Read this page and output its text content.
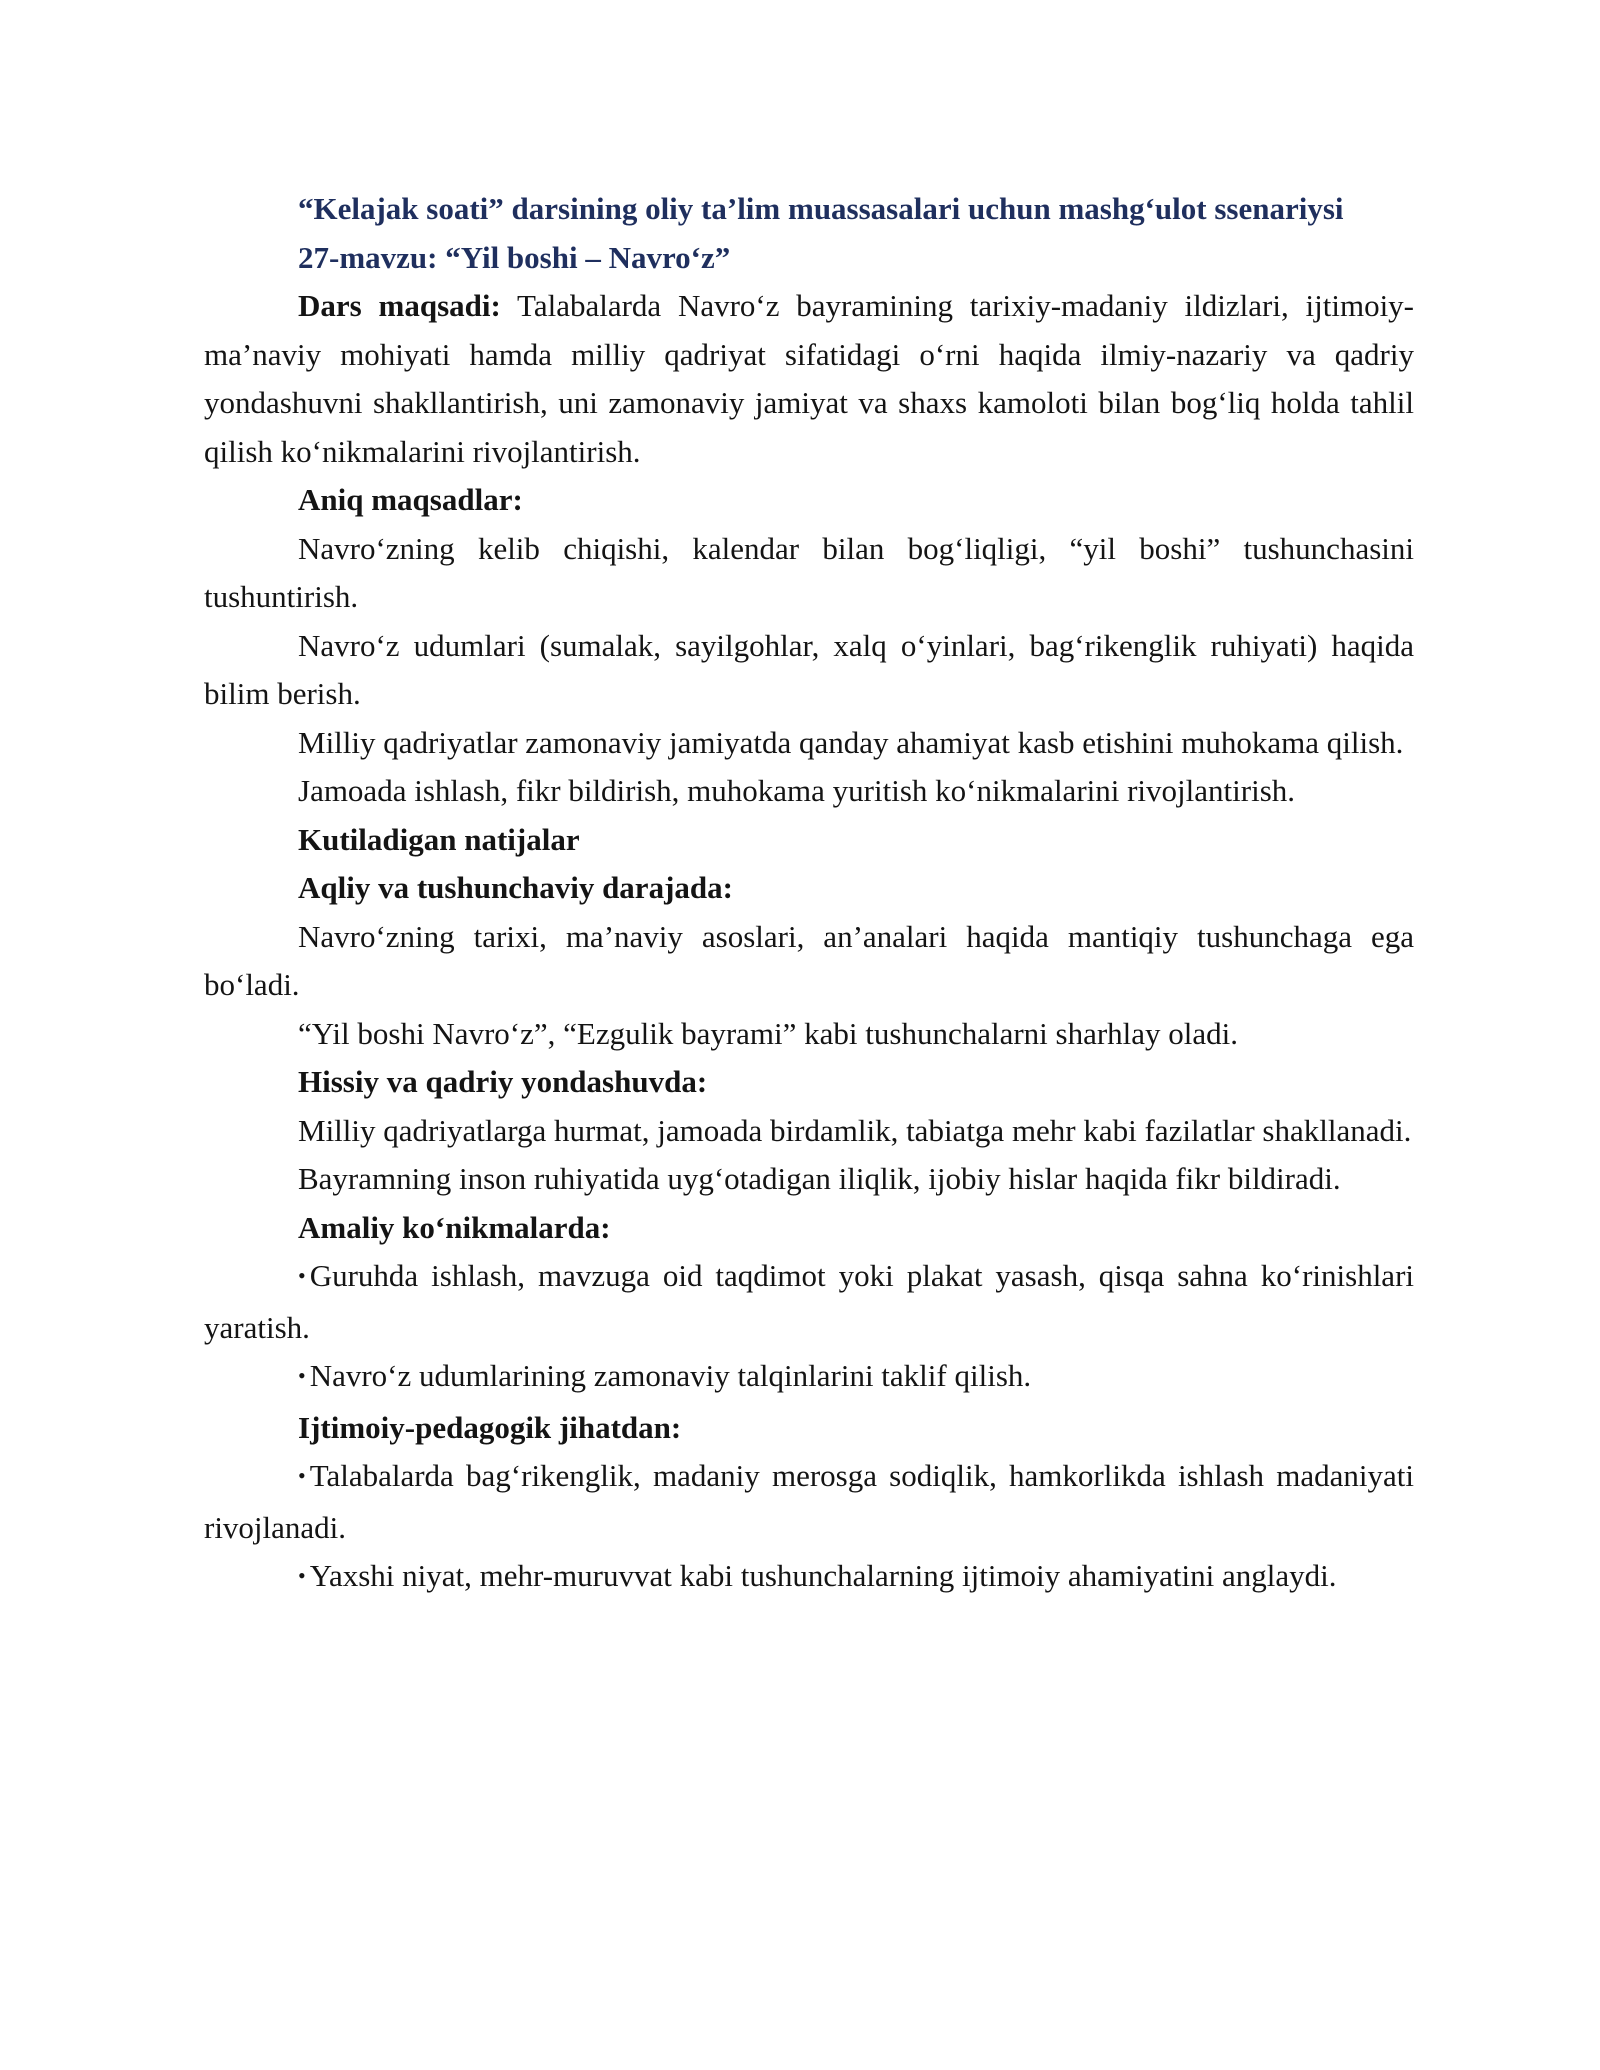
“Kelajak soati” darsining oliy ta’lim muassasalari uchun mashg‘ulot ssenariysi

27-mavzu: “Yil boshi – Navro‘z”

Dars maqsadi: Talabalarda Navro‘z bayramining tarixiy-madaniy ildizlari, ijtimoiy-ma’naviy mohiyati hamda milliy qadriyat sifatidagi o‘rni haqida ilmiy-nazariy va qadriy yondashuvni shakllantirish, uni zamonaviy jamiyat va shaxs kamoloti bilan bog‘liq holda tahlil qilish ko‘nikmalarini rivojlantirish.

Aniq maqsadlar:

Navro‘zning kelib chiqishi, kalendar bilan bog‘liqligi, “yil boshi” tushunchasini tushuntirish.

Navro‘z udumlari (sumalak, sayilgohlar, xalq o‘yinlari, bag‘rikenglik ruhiyati) haqida bilim berish.

Milliy qadriyatlar zamonaviy jamiyatda qanday ahamiyat kasb etishini muhokama qilish.

Jamoada ishlash, fikr bildirish, muhokama yuritish ko‘nikmalarini rivojlantirish.

Kutiladigan natijalar

Aqliy va tushunchaviy darajada:

Navro‘zning tarixi, ma’naviy asoslari, an’analari haqida mantiqiy tushunchaga ega bo‘ladi.

“Yil boshi Navro‘z”, “Ezgulik bayrami” kabi tushunchalarni sharhlay oladi.

Hissiy va qadriy yondashuvda:

Milliy qadriyatlarga hurmat, jamoada birdamlik, tabiatga mehr kabi fazilatlar shakllanadi.

Bayramning inson ruhiyatida uyg‘otadigan iliqlik, ijobiy hislar haqida fikr bildiradi.

Amaliy ko‘nikmalarda:

• Guruhda ishlash, mavzuga oid taqdimot yoki plakat yasash, qisqa sahna ko‘rinishlari yaratish.

• Navro‘z udumlarining zamonaviy talqinlarini taklif qilish.

Ijtimoiy-pedagogik jihatdan:

• Talabalarda bag‘rikenglik, madaniy merosga sodiqlik, hamkorlikda ishlash madaniyati rivojlanadi.

• Yaxshi niyat, mehr-muruvvat kabi tushunchalarning ijtimoiy ahamiyatini anglaydi.
